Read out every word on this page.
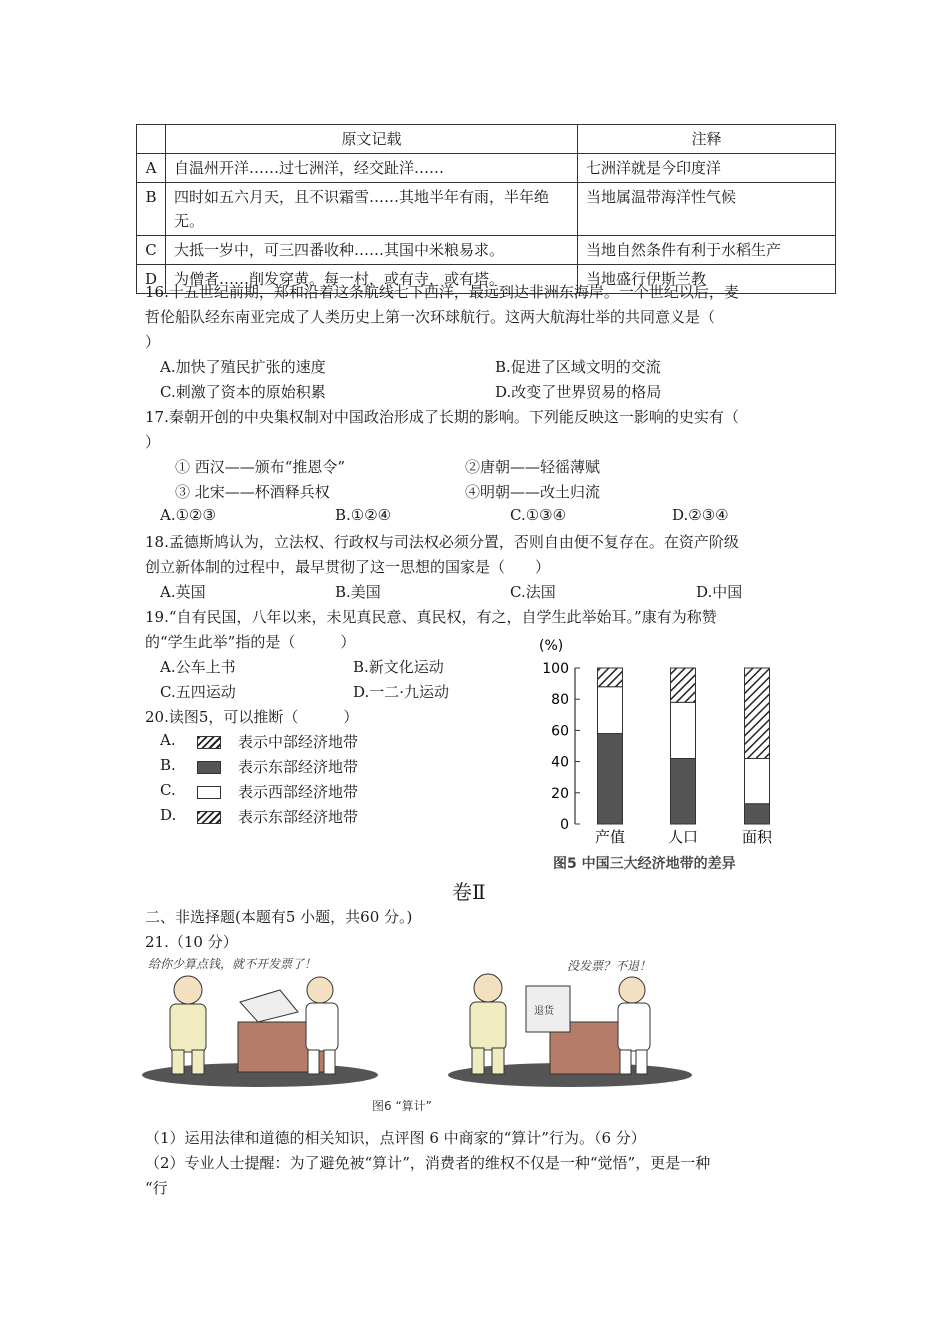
	原文记载	注释
A	自温州开洋……过七洲洋，经交趾洋……	七洲洋就是今印度洋
B	四时如五六月天，且不识霜雪……其地半年有雨，半年绝无。	当地属温带海洋性气候
C	大抵一岁中，可三四番收种……其国中米粮易求。	当地自然条件有利于水稻生产
D	为僧者……削发穿黄。每一村，或有寺，或有塔。	当地盛行伊斯兰教
16.十五世纪前期，郑和沿着这条航线七下西洋，最远到达非洲东海岸。一个世纪以后，麦
哲伦船队经东南亚完成了人类历史上第一次环球航行。这两大航海壮举的共同意义是（
）
A.加快了殖民扩张的速度	B.促进了区域文明的交流
C.刺激了资本的原始积累	D.改变了世界贸易的格局
17.秦朝开创的中央集权制对中国政治形成了长期的影响。下列能反映这一影响的史实有（
）
① 西汉——颁布“推恩令”	②唐朝——轻徭薄赋
③ 北宋——杯酒释兵权	④明朝——改土归流
A.①②③	B.①②④	C.①③④	D.②③④
18.孟德斯鸠认为，立法权、行政权与司法权必须分置，否则自由便不复存在。在资产阶级
创立新体制的过程中，最早贯彻了这一思想的国家是（　　）
A.英国	B.美国	C.法国	D.中国
19.“自有民国，八年以来，未见真民意、真民权，有之，自学生此举始耳。”康有为称赞
的“学生此举”指的是（　　　）
A.公车上书	B.新文化运动
C.五四运动	D.一二·九运动
20.读图5，可以推断（　　　）
A.	表示中部经济地带
B.	表示东部经济地带
C.	表示西部经济地带
D.	表示东部经济地带
(%)
0
20
40
60
80
100
产值	人口	面积
图5 中国三大经济地带的差异
卷Ⅱ
二、非选择题(本题有5 小题，共60 分。)
21.（10 分）
给你少算点钱，就不开发票了！	没发票？不退！
退货
图6 “算计”
（1）运用法律和道德的相关知识，点评图 6 中商家的“算计”行为。（6 分）
（2）专业人士提醒：为了避免被“算计”，消费者的维权不仅是一种“觉悟”，更是一种
“行
